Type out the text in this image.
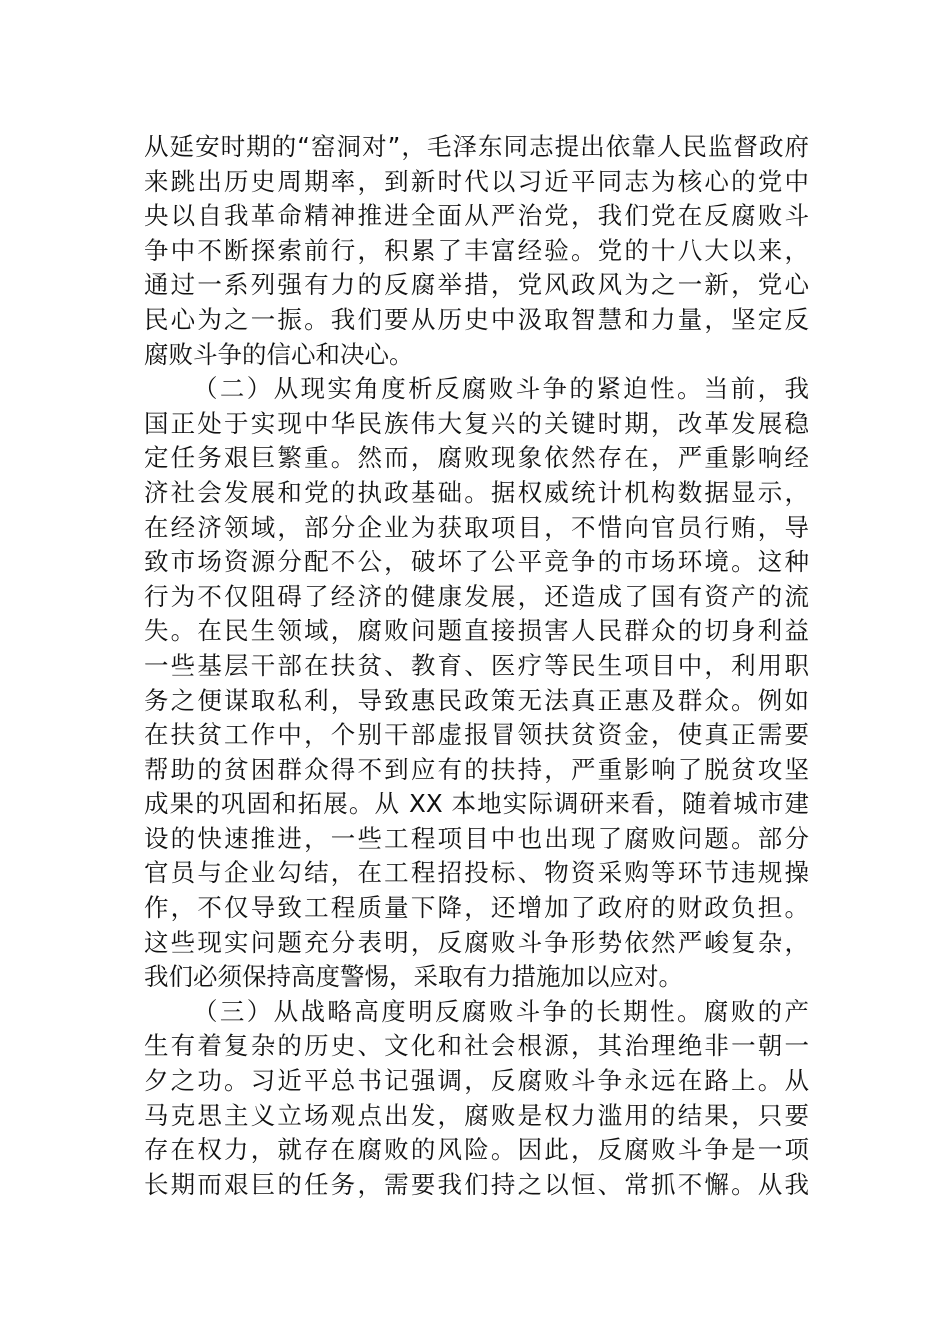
从延安时期的“窑洞对”，毛泽东同志提出依靠人民监督政府
来跳出历史周期率，到新时代以习近平同志为核心的党中
央以自我革命精神推进全面从严治党，我们党在反腐败斗
争中不断探索前行，积累了丰富经验。党的十八大以来，
通过一系列强有力的反腐举措，党风政风为之一新，党心
民心为之一振。我们要从历史中汲取智慧和力量，坚定反
腐败斗争的信心和决心。
（二）从现实角度析反腐败斗争的紧迫性。当前，我
国正处于实现中华民族伟大复兴的关键时期，改革发展稳
定任务艰巨繁重。然而，腐败现象依然存在，严重影响经
济社会发展和党的执政基础。据权威统计机构数据显示，
在经济领域，部分企业为获取项目，不惜向官员行贿，导
致市场资源分配不公，破坏了公平竞争的市场环境。这种
行为不仅阻碍了经济的健康发展，还造成了国有资产的流
失。在民生领域，腐败问题直接损害人民群众的切身利益
一些基层干部在扶贫、教育、医疗等民生项目中，利用职
务之便谋取私利，导致惠民政策无法真正惠及群众。例如
在扶贫工作中，个别干部虚报冒领扶贫资金，使真正需要
帮助的贫困群众得不到应有的扶持，严重影响了脱贫攻坚
成果的巩固和拓展。从 XX 本地实际调研来看，随着城市建
设的快速推进，一些工程项目中也出现了腐败问题。部分
官员与企业勾结，在工程招投标、物资采购等环节违规操
作，不仅导致工程质量下降，还增加了政府的财政负担。
这些现实问题充分表明，反腐败斗争形势依然严峻复杂，
我们必须保持高度警惕，采取有力措施加以应对。
（三）从战略高度明反腐败斗争的长期性。腐败的产
生有着复杂的历史、文化和社会根源，其治理绝非一朝一
夕之功。习近平总书记强调，反腐败斗争永远在路上。从
马克思主义立场观点出发，腐败是权力滥用的结果，只要
存在权力，就存在腐败的风险。因此，反腐败斗争是一项
长期而艰巨的任务，需要我们持之以恒、常抓不懈。从我
